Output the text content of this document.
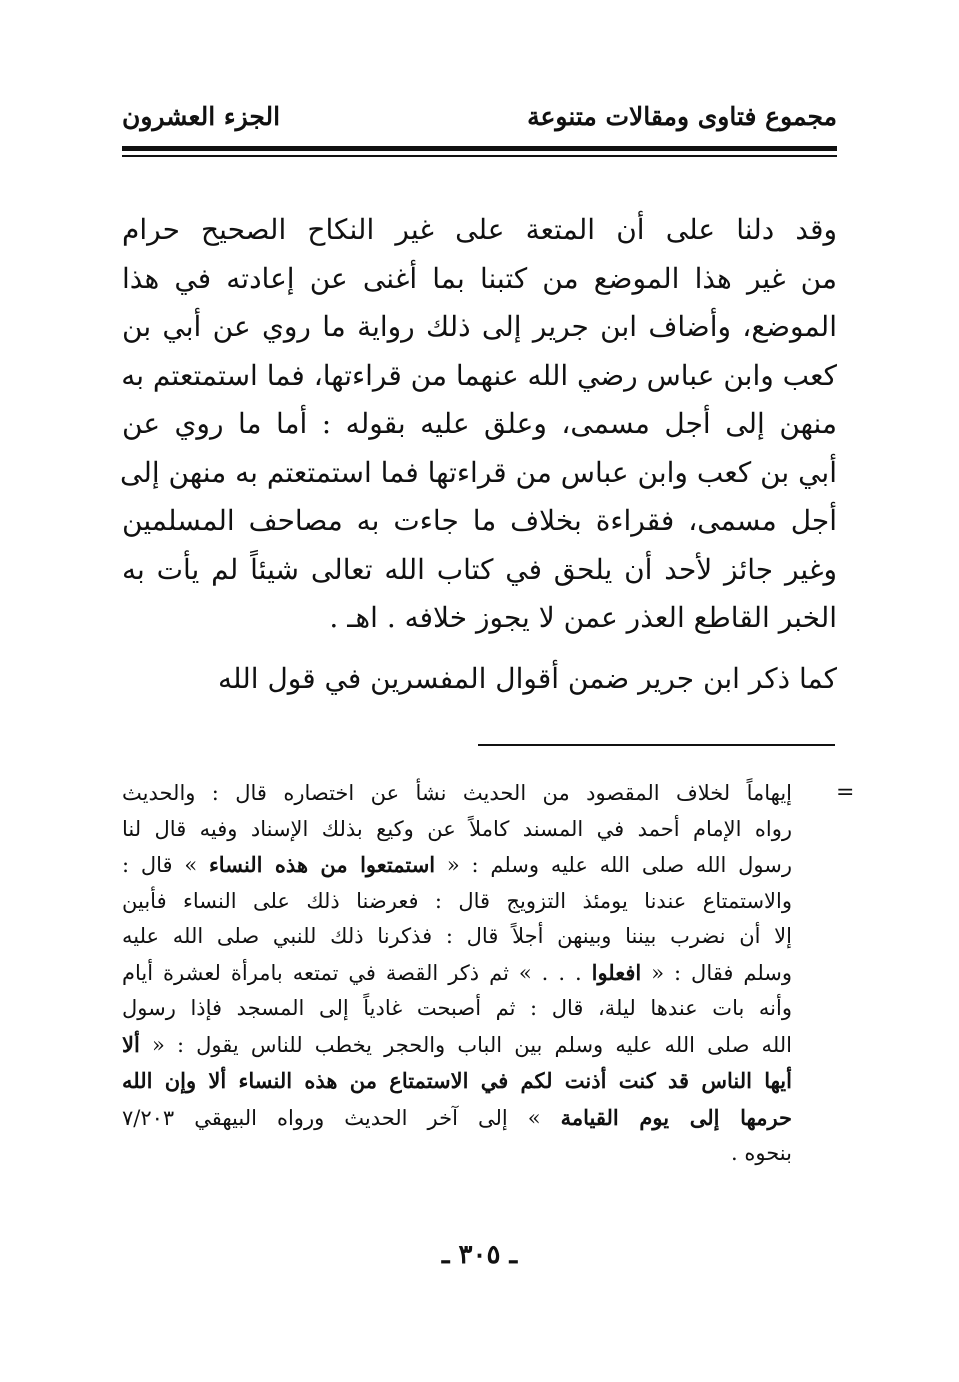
مجموع فتاوى ومقالات متنوعة
الجزء العشرون

وقد دلنا على أن المتعة على غير النكاح الصحيح حرام
من غير هذا الموضع من كتبنا بما أغنى عن إعادته في هذا
الموضع، وأضاف ابن جرير إلى ذلك رواية ما روي عن أبي بن
كعب وابن عباس رضي الله عنهما من قراءتها، فما استمتعتم به
منهن إلى أجل مسمى، وعلق عليه بقوله : أما ما روي عن
أبي بن كعب وابن عباس من قراءتها فما استمتعتم به منهن إلى
أجل مسمى، فقراءة بخلاف ما جاءت به مصاحف المسلمين
وغير جائز لأحد أن يلحق في كتاب الله تعالى شيئاً لم يأت به
الخبر القاطع العذر عمن لا يجوز خلافه . اهـ .

كما ذكر ابن جرير ضمن أقوال المفسرين في قول الله

=
إيهاماً لخلاف المقصود من الحديث نشأ عن اختصاره قال : والحديث
رواه الإمام أحمد في المسند كاملاً عن وكيع بذلك الإسناد وفيه قال لنا
رسول الله صلى الله عليه وسلم : « استمتعوا من هذه النساء » قال :
والاستمتاع عندنا يومئذ التزويج قال : فعرضنا ذلك على النساء فأبين
إلا أن نضرب بيننا وبينهن أجلاً قال : فذكرنا ذلك للنبي صلى الله عليه
وسلم فقال : « افعلوا . . . » ثم ذكر القصة في تمتعه بامرأة لعشرة أيام
وأنه بات عندها ليلة، قال : ثم أصبحت غادياً إلى المسجد فإذا رسول
الله صلى الله عليه وسلم بين الباب والحجر يخطب للناس يقول : « ألا
أيها الناس قد كنت أذنت لكم في الاستمتاع من هذه النساء ألا وإن الله
حرمها إلى يوم القيامة » إلى آخر الحديث ورواه البيهقي ٧/٢٠٣
بنحوه .
ـ ٣٠٥ ـ
